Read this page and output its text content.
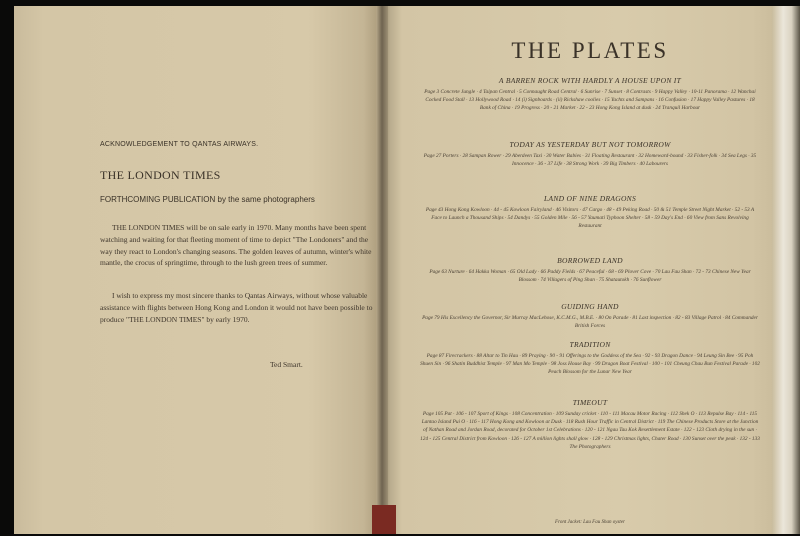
ACKNOWLEDGEMENT TO QANTAS AIRWAYS.
THE LONDON TIMES
FORTHCOMING PUBLICATION by the same photographers
THE LONDON TIMES will be on sale early in 1970. Many months have been spent watching and waiting for that fleeting moment of time to depict "The Londoners" and the way they react to London's changing seasons. The golden leaves of autumn, winter's white mantle, the crocus of springtime, through to the lush green trees of summer.
I wish to express my most sincere thanks to Qantas Airways, without whose valuable assistance with flights between Hong Kong and London it would not have been possible to produce "THE LONDON TIMES" by early 1970.
Ted Smart.
THE PLATES
A BARREN ROCK WITH HARDLY A HOUSE UPON IT
Page 3 Concrete Jungle · 4 Taipan Central · 5 Connaught Road Central · 6 Sunrise · 7 Sunset · 8 Contrasts · 9 Happy Valley · 10-11 Panorama · 12 Wanchai Cocked Food Stall · 13 Hollywood Road · 14 (i) Signboards · (ii) Rickshaw coolies · 15 Yachts and Sampans · 16 Confusion · 17 Happy Valley Pastures · 18 Bank of China · 19 Progress · 20 - 21 Market · 22 - 23 Hong Kong Island at dusk · 24 Tranquil Harbour
TODAY AS YESTERDAY BUT NOT TOMORROW
Page 27 Porters · 28 Sampan Rower · 29 Aberdeen Taxi · 30 Water Babies · 31 Floating Restaurant · 32 Homeward-bound · 33 Fisher-folk · 34 Sea Legs · 35 Innocence · 36 - 37 Life · 38 Strong Work · 39 Big Timbers · 40 Labourers
LAND OF NINE DRAGONS
Page 43 Hong Kong Kowloon · 44 - 45 Kowloon Fairyland · 46 Visitors · 47 Cargo · 48 - 49 Peking Road · 50 & 51 Temple Street Night Market · 52 - 53 A Face to Launch a Thousand Ships · 54 Dandys · 55 Golden Mile · 56 - 57 Yaumati Typhoon Shelter · 58 - 59 Day's End · 60 View from Sans Revolving Restaurant
BORROWED LAND
Page 63 Nurture · 64 Hakka Woman · 65 Old Lady · 66 Paddy Fields · 67 Peaceful · 68 - 69 Plover Cove · 70 Lau Fau Shan · 72 - 73 Chinese New Year Blossom · 74 Villagers of Ping Shan · 75 Shatautokh · 76 Sunflower
GUIDING HAND
Page 79 His Excellency the Governor, Sir Murray MacLehose, K.C.M.G., M.B.E. · 80 On Parade · 81 Last inspection · 82 - 83 Village Patrol · 84 Commander British Forces
TRADITION
Page 87 Firecrackers · 88 Altar to Tin Hau · 89 Praying · 90 - 91 Offerings to the Goddess of the Sea · 92 - 93 Dragon Dance · 94 Leung Sin Bee · 95 Poh Shuen Sin · 96 Shatin Buddhist Temple · 97 Man Mo Temple · 98 Joss House Bay · 99 Dragon Boat Festival · 100 - 101 Cheung Chau Bun Festival Parade · 102 Peach Blossom for the Lunar New Year
TIMEOUT
Page 105 Pat · 106 - 107 Sport of Kings · 108 Concentration · 109 Sunday cricket · 110 - 111 Macau Motor Racing · 112 Shek O · 113 Repulse Bay · 114 - 115 Lantao Island Pui O · 116 - 117 Hong Kong and Kowloon at Dusk · 118 Rush Hour Traffic in Central District · 119 The Chinese Products Store at the Junction of Nathan Road and Jordan Road, decorated for October 1st Celebrations · 120 - 121 Ngau Tau Kok Resettlement Estate · 122 - 123 Cloth drying in the sun · 124 - 125 Central District from Kowloon · 126 - 127 A million lights shall glow · 128 - 129 Christmas lights, Chater Road · 130 Sunset over the peak · 132 - 133 The Photographers
Front Jacket: Lau Fau Shan oyster
